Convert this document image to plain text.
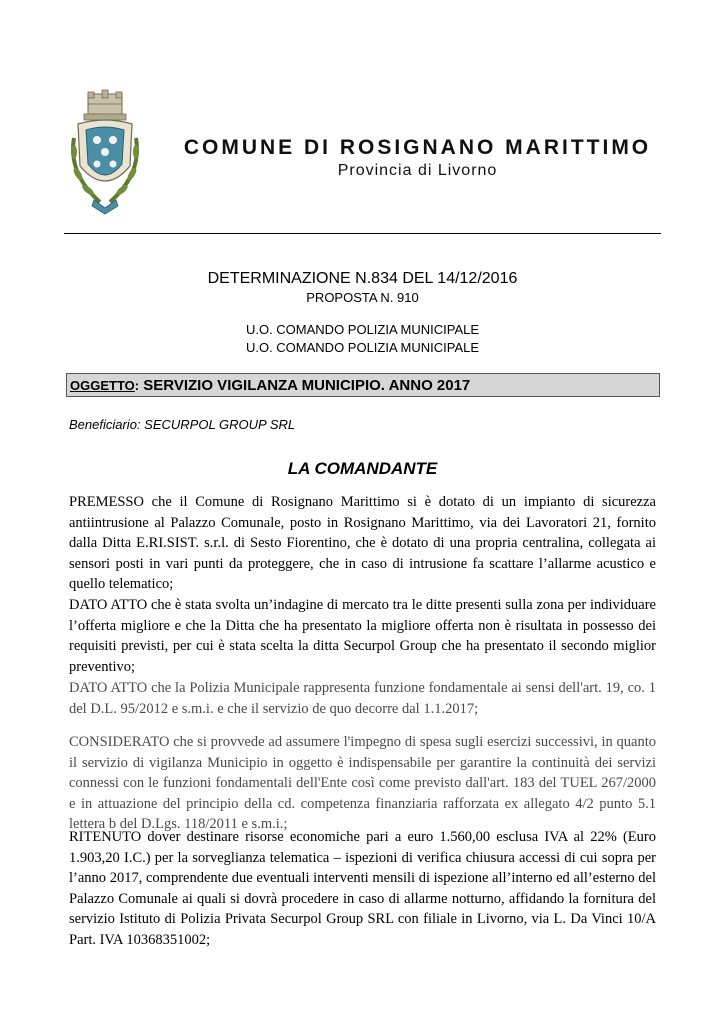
COMUNE DI ROSIGNANO MARITTIMO
Provincia di Livorno
DETERMINAZIONE N.834 DEL 14/12/2016
PROPOSTA N. 910
U.O. COMANDO POLIZIA MUNICIPALE
U.O. COMANDO POLIZIA MUNICIPALE
OGGETTO: SERVIZIO VIGILANZA MUNICIPIO. ANNO 2017
Beneficiario: SECURPOL GROUP SRL
LA COMANDANTE

PREMESSO che il Comune di Rosignano Marittimo si è dotato di un impianto di sicurezza antiintrusione al Palazzo Comunale, posto in Rosignano Marittimo, via dei Lavoratori 21, fornito dalla Ditta E.RI.SIST. s.r.l. di Sesto Fiorentino, che è dotato di una propria centralina, collegata ai sensori posti in vari punti da proteggere, che in caso di intrusione fa scattare l’allarme acustico e quello telematico;

DATO ATTO che è stata svolta un’indagine di mercato tra le ditte presenti sulla zona per individuare l’offerta migliore e che la Ditta che ha presentato la migliore offerta non è risultata in possesso dei requisiti previsti, per cui è stata scelta la ditta Securpol Group che ha presentato il secondo miglior preventivo;

DATO ATTO che la Polizia Municipale rappresenta funzione fondamentale ai sensi dell'art. 19, co. 1 del D.L. 95/2012 e s.m.i. e che il servizio de quo decorre dal 1.1.2017;

CONSIDERATO che si provvede ad assumere l'impegno di spesa sugli esercizi successivi, in quanto il servizio di vigilanza Municipio in oggetto è indispensabile per garantire la continuità dei servizi connessi con le funzioni fondamentali dell'Ente così come previsto dall'art. 183 del TUEL 267/2000 e in attuazione del principio della cd. competenza finanziaria rafforzata ex allegato 4/2 punto 5.1 lettera b del D.Lgs. 118/2011 e s.m.i.;

RITENUTO dover destinare risorse economiche pari a euro 1.560,00 esclusa IVA al 22% (Euro 1.903,20 I.C.) per la sorveglianza telematica – ispezioni di verifica chiusura accessi di cui sopra per l’anno 2017, comprendente due eventuali interventi mensili di ispezione all’interno ed all’esterno del Palazzo Comunale ai quali si dovrà procedere in caso di allarme notturno, affidando la fornitura del servizio Istituto di Polizia Privata Securpol Group SRL con filiale in Livorno, via L. Da Vinci 10/A Part. IVA 10368351002;
